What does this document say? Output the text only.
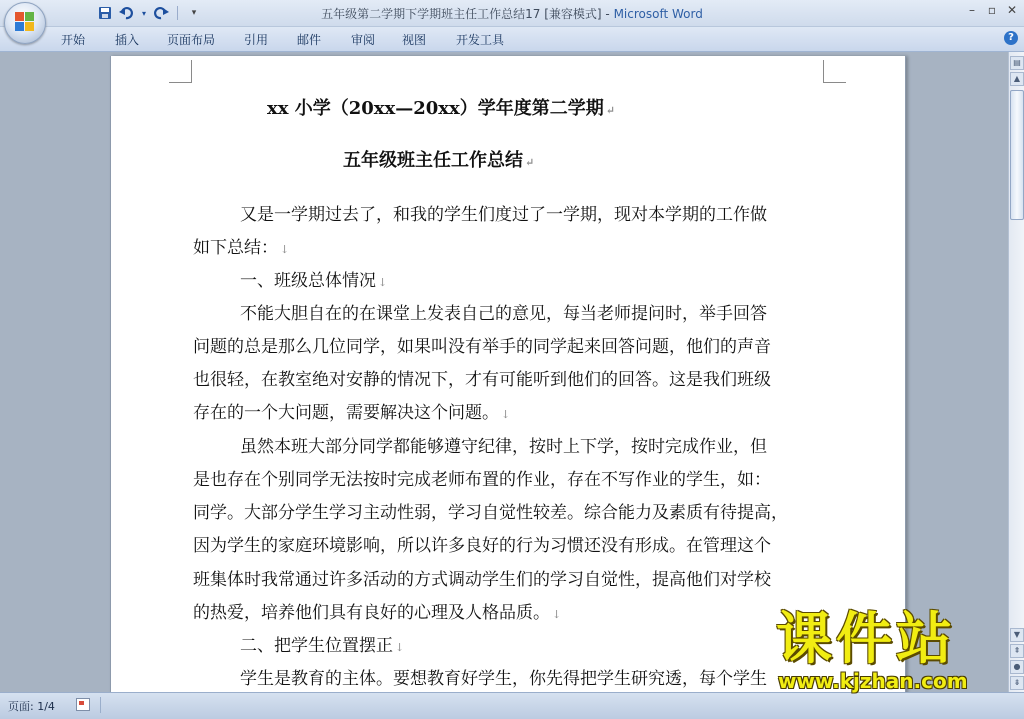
▾	▾	五年级第二学期下学期班主任工作总结17 [兼容模式] - Microsoft Word	– ▫ ✕
开始 插入 页面布局 引用 邮件 审阅 视图 开发工具	?
xx 小学（20xx—20xx）学年度第二学期 ↵
五年级班主任工作总结 ↵
又是一学期过去了，和我的学生们度过了一学期，现对本学期的工作做
如下总结： ↓
一、班级总体情况 ↓
不能大胆自在的在课堂上发表自己的意见，每当老师提问时，举手回答
问题的总是那么几位同学，如果叫没有举手的同学起来回答问题，他们的声音
也很轻，在教室绝对安静的情况下，才有可能听到他们的回答。这是我们班级
存在的一个大问题，需要解决这个问题。 ↓
虽然本班大部分同学都能够遵守纪律，按时上下学，按时完成作业，但
是也存在个别同学无法按时完成老师布置的作业，存在不写作业的学生，如：
同学。大部分学生学习主动性弱，学习自觉性较差。综合能力及素质有待提高，
因为学生的家庭环境影响，所以许多良好的行为习惯还没有形成。在管理这个
班集体时我常通过许多活动的方式调动学生们的学习自觉性，提高他们对学校
的热爱，培养他们具有良好的心理及人格品质。 ↓
二、把学生位置摆正 ↓
学生是教育的主体。要想教育好学生，你先得把学生研究透，每个学生
▤
▲
▼
⇞
●
⇟
页面: 1/4
课件站
www.kjzhan.com
